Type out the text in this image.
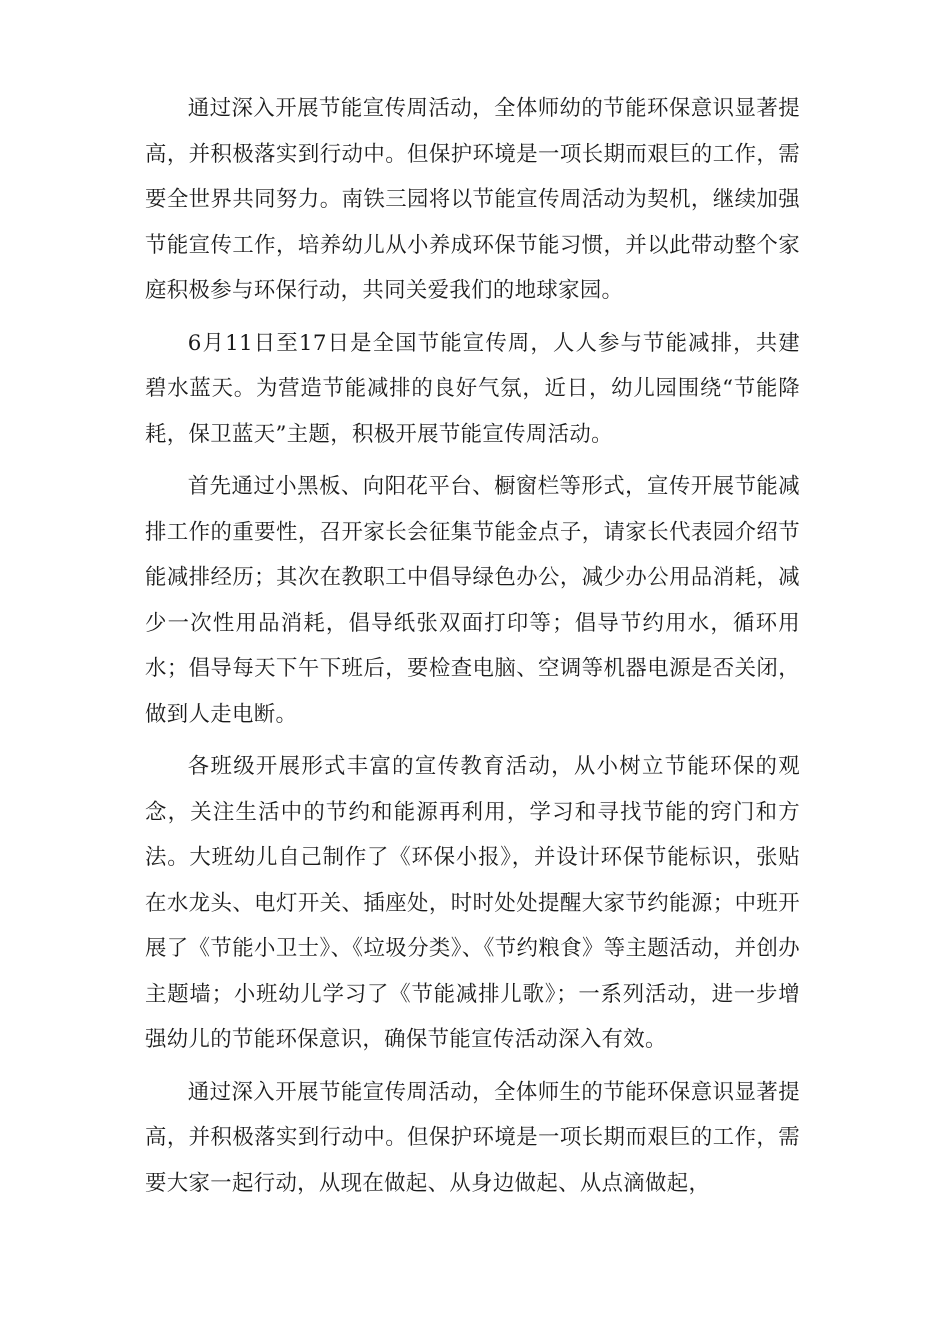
通过深入开展节能宣传周活动，全体师幼的节能环保意识显著提高，并积极落实到行动中。但保护环境是一项长期而艰巨的工作，需要全世界共同努力。南铁三园将以节能宣传周活动为契机，继续加强节能宣传工作，培养幼儿从小养成环保节能习惯，并以此带动整个家庭积极参与环保行动，共同关爱我们的地球家园。

6月11日至17日是全国节能宣传周，人人参与节能减排，共建碧水蓝天。为营造节能减排的良好气氛，近日，幼儿园围绕“节能降耗，保卫蓝天”主题，积极开展节能宣传周活动。

首先通过小黑板、向阳花平台、橱窗栏等形式，宣传开展节能减排工作的重要性，召开家长会征集节能金点子，请家长代表园介绍节能减排经历；其次在教职工中倡导绿色办公，减少办公用品消耗，减少一次性用品消耗，倡导纸张双面打印等；倡导节约用水，循环用水；倡导每天下午下班后，要检查电脑、空调等机器电源是否关闭，做到人走电断。

各班级开展形式丰富的宣传教育活动，从小树立节能环保的观念，关注生活中的节约和能源再利用，学习和寻找节能的窍门和方法。大班幼儿自己制作了《环保小报》，并设计环保节能标识，张贴在水龙头、电灯开关、插座处，时时处处提醒大家节约能源；中班开展了《节能小卫士》、《垃圾分类》、《节约粮食》等主题活动，并创办主题墙；小班幼儿学习了《节能减排儿歌》；一系列活动，进一步增强幼儿的节能环保意识，确保节能宣传活动深入有效。

通过深入开展节能宣传周活动，全体师生的节能环保意识显著提高，并积极落实到行动中。但保护环境是一项长期而艰巨的工作，需要大家一起行动，从现在做起、从身边做起、从点滴做起，
